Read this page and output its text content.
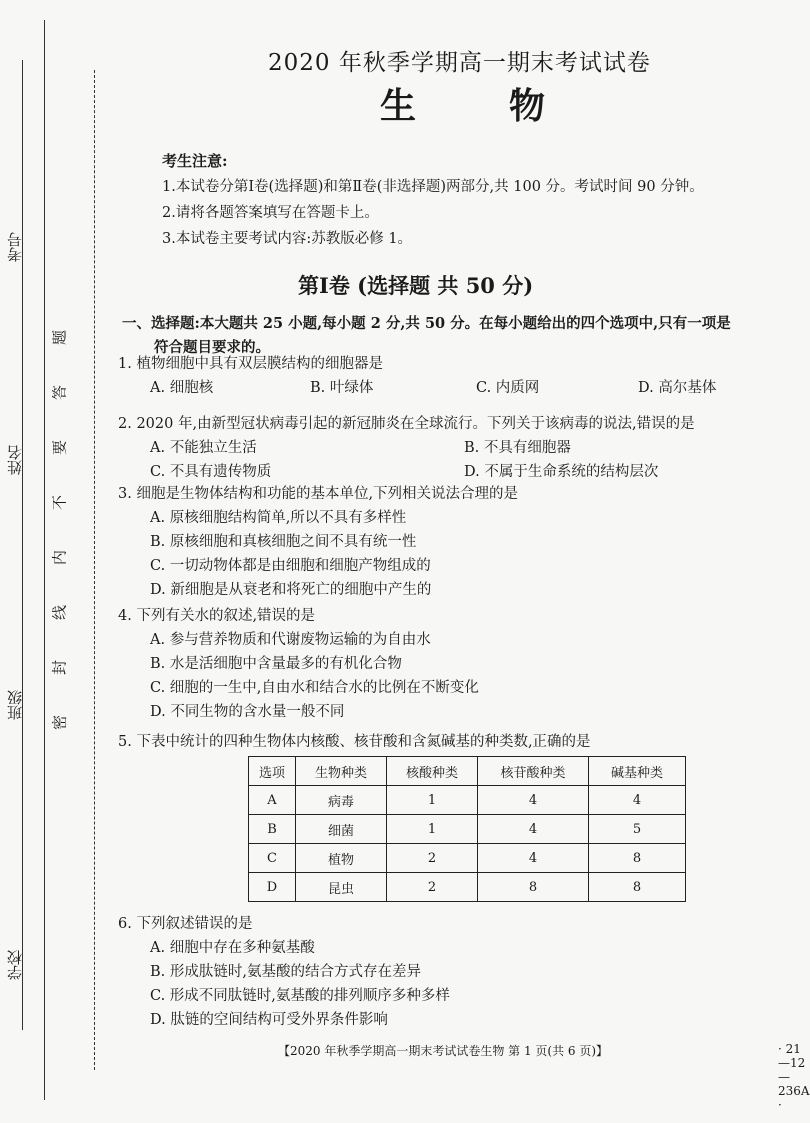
考号
姓名
班级
学校
题
答
要
不
内
线
封
密
2020 年秋季学期高一期末考试试卷
生	物
考生注意:
1.本试卷分第Ⅰ卷(选择题)和第Ⅱ卷(非选择题)两部分,共 100 分。考试时间 90 分钟。
2.请将各题答案填写在答题卡上。
3.本试卷主要考试内容:苏教版必修 1。
第Ⅰ卷 (选择题 共 50 分)
一、选择题:本大题共 25 小题,每小题 2 分,共 50 分。在每小题给出的四个选项中,只有一项是
符合题目要求的。
1. 植物细胞中具有双层膜结构的细胞器是
A. 细胞核	B. 叶绿体	C. 内质网	D. 高尔基体
2. 2020 年,由新型冠状病毒引起的新冠肺炎在全球流行。下列关于该病毒的说法,错误的是
A. 不能独立生活	B. 不具有细胞器
C. 不具有遗传物质	D. 不属于生命系统的结构层次
3. 细胞是生物体结构和功能的基本单位,下列相关说法合理的是
A. 原核细胞结构简单,所以不具有多样性
B. 原核细胞和真核细胞之间不具有统一性
C. 一切动物体都是由细胞和细胞产物组成的
D. 新细胞是从衰老和将死亡的细胞中产生的
4. 下列有关水的叙述,错误的是
A. 参与营养物质和代谢废物运输的为自由水
B. 水是活细胞中含量最多的有机化合物
C. 细胞的一生中,自由水和结合水的比例在不断变化
D. 不同生物的含水量一般不同
5. 下表中统计的四种生物体内核酸、核苷酸和含氮碱基的种类数,正确的是
选项	生物种类	核酸种类	核苷酸种类	碱基种类
A	病毒	1	4	4
B	细菌	1	4	5
C	植物	2	4	8
D	昆虫	2	8	8
6. 下列叙述错误的是
A. 细胞中存在多种氨基酸
B. 形成肽链时,氨基酸的结合方式存在差异
C. 形成不同肽链时,氨基酸的排列顺序多种多样
D. 肽链的空间结构可受外界条件影响
【2020 年秋季学期高一期末考试试卷生物 第 1 页(共 6 页)】	· 21—12—236A ·
